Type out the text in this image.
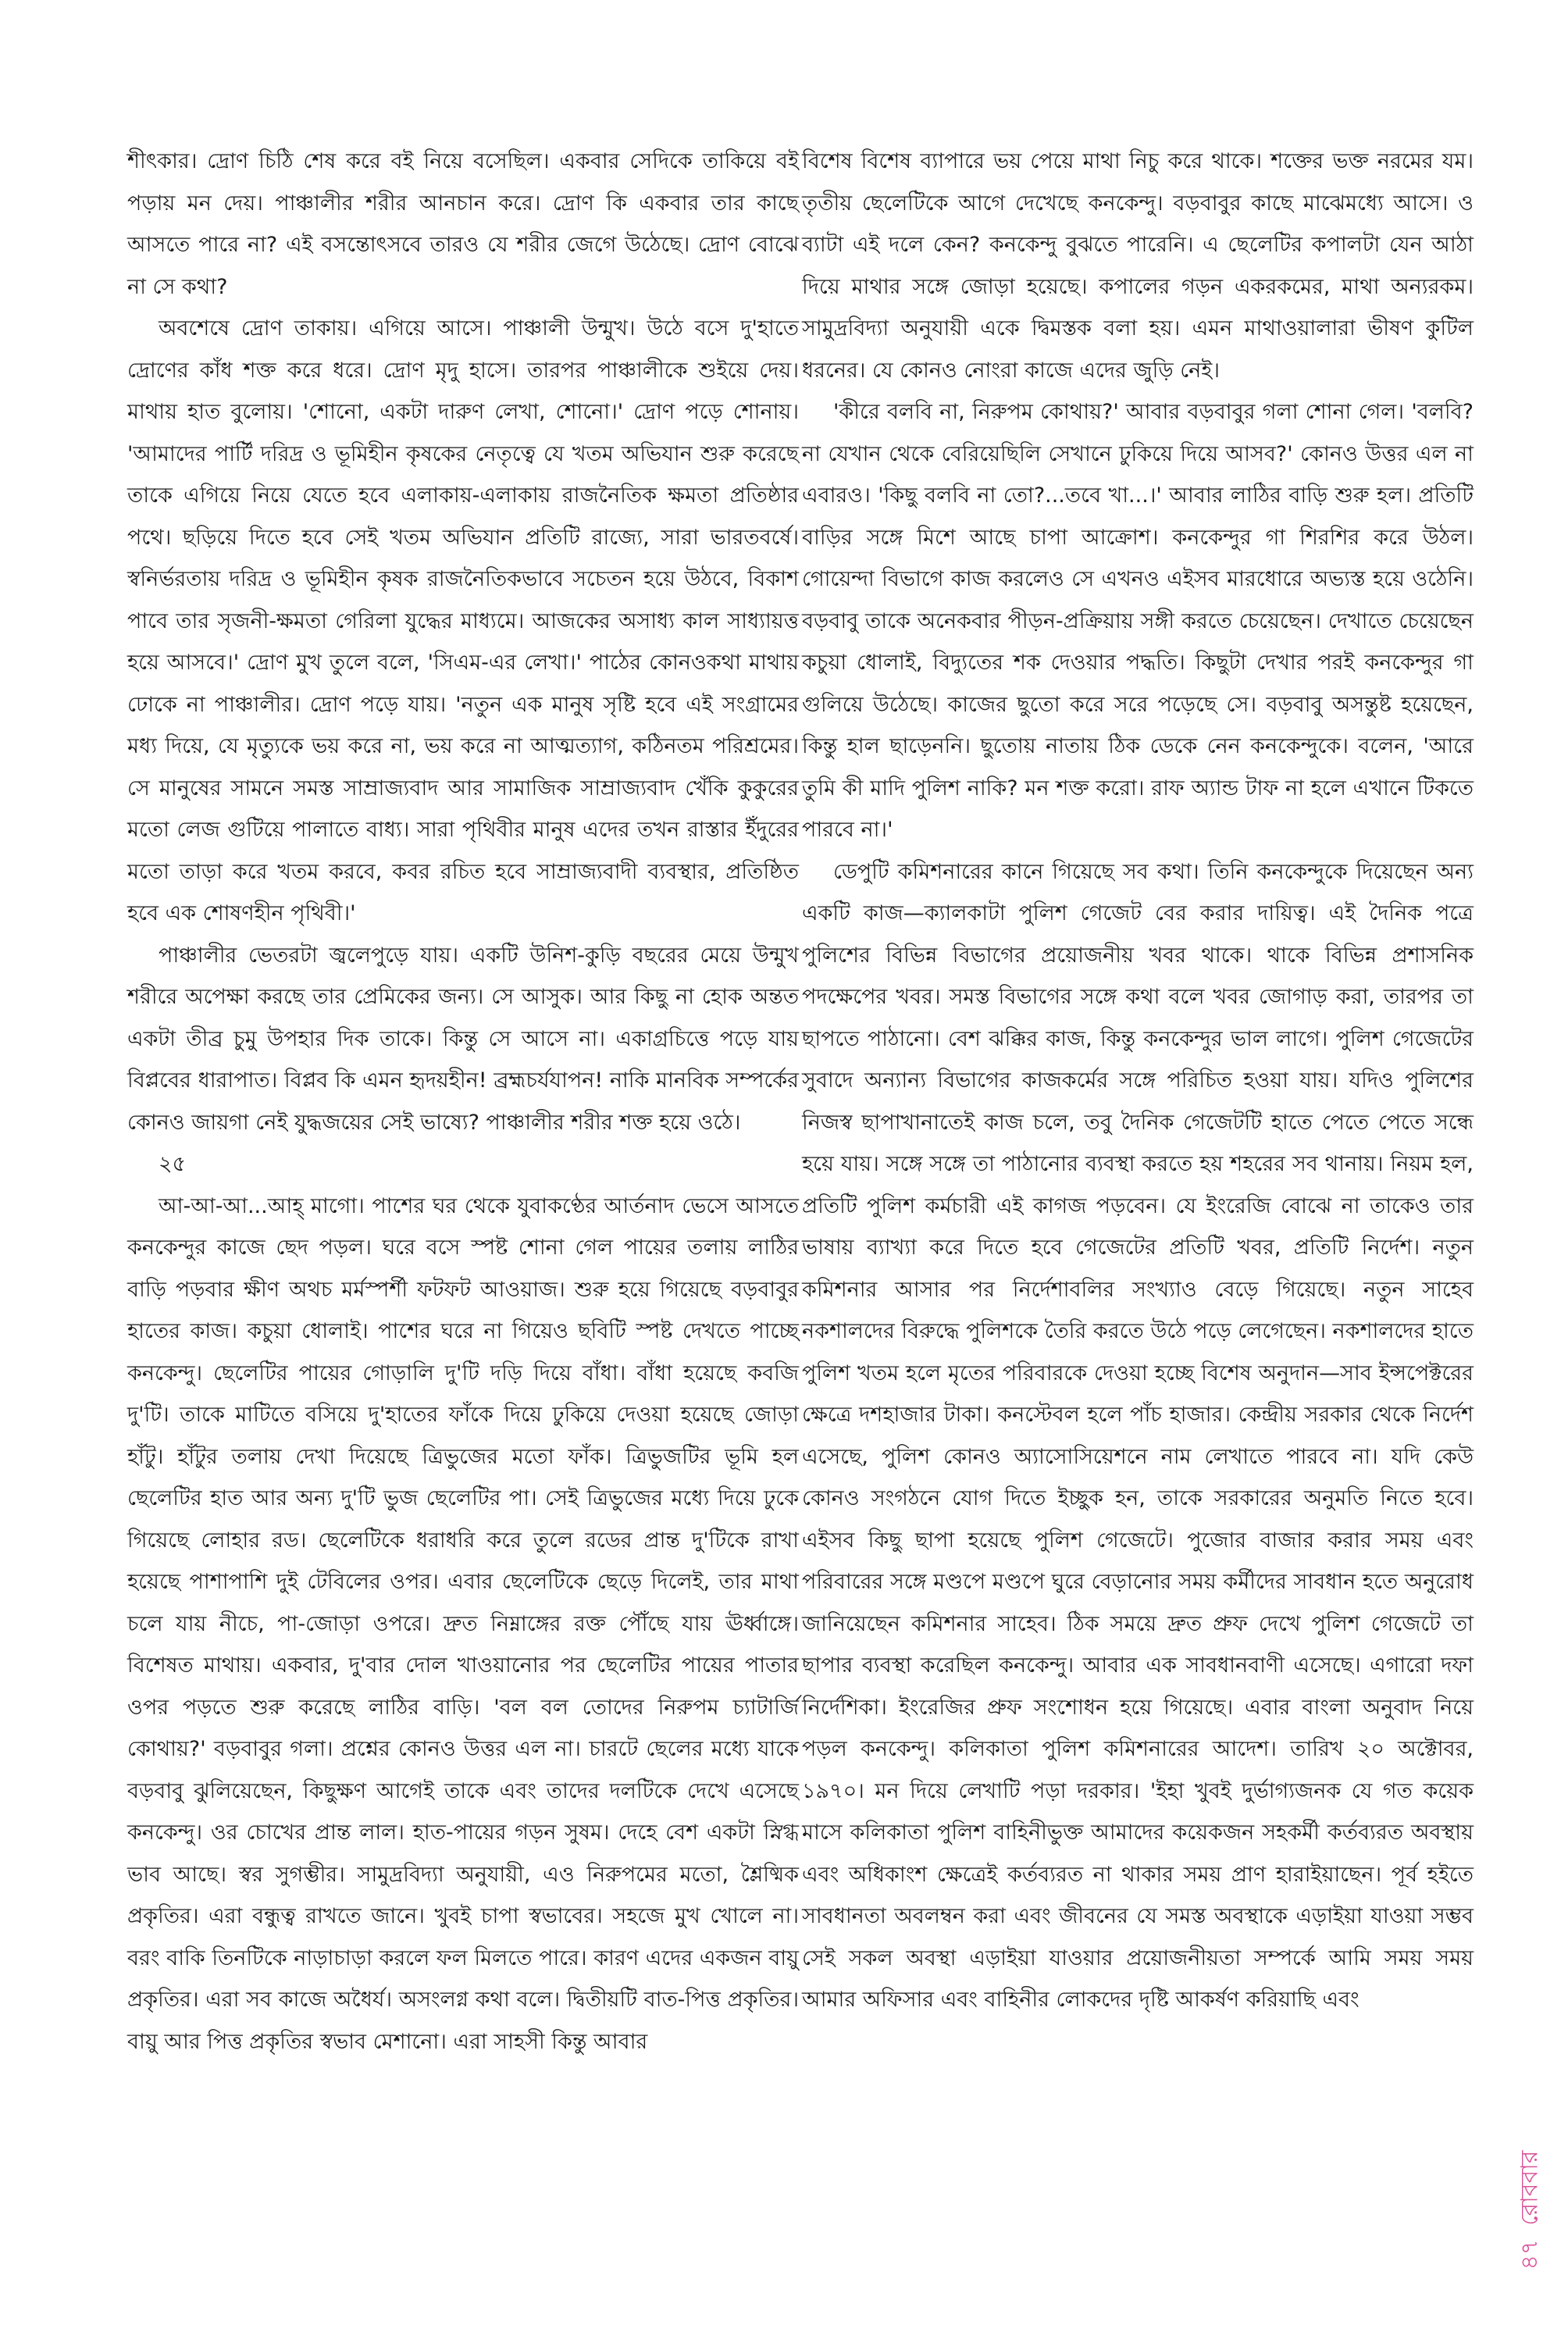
শীৎকার। দ্রোণ চিঠি শেষ করে বই নিয়ে বসেছিল। একবার সেদিকে তাকিয়ে বই পড়ায় মন দেয়। পাঞ্চালীর শরীর আনচান করে। দ্রোণ কি একবার তার কাছে আসতে পারে না? এই বসন্তোৎসবে তারও যে শরীর জেগে উঠেছে। দ্রোণ বোঝে না সে কথা?

অবশেষে দ্রোণ তাকায়। এগিয়ে আসে। পাঞ্চালী উন্মুখ। উঠে বসে দু'হাতে দ্রোণের কাঁধ শক্ত করে ধরে। দ্রোণ মৃদু হাসে। তারপর পাঞ্চালীকে শুইয়ে দেয়। মাথায় হাত বুলোয়। 'শোনো, একটা দারুণ লেখা, শোনো।' দ্রোণ পড়ে শোনায়। 'আমাদের পার্টি দরিদ্র ও ভূমিহীন কৃষকের নেতৃত্বে যে খতম অভিযান শুরু করেছে তাকে এগিয়ে নিয়ে যেতে হবে এলাকায়-এলাকায় রাজনৈতিক ক্ষমতা প্রতিষ্ঠার পথে। ছড়িয়ে দিতে হবে সেই খতম অভিযান প্রতিটি রাজ্যে, সারা ভারতবর্ষে। স্বনির্ভরতায় দরিদ্র ও ভূমিহীন কৃষক রাজনৈতিকভাবে সচেতন হয়ে উঠবে, বিকাশ পাবে তার সৃজনী-ক্ষমতা গেরিলা যুদ্ধের মাধ্যমে। আজকের অসাধ্য কাল সাধ্যায়ত্ত হয়ে আসবে।' দ্রোণ মুখ তুলে বলে, 'সিএম-এর লেখা।' পাঠের কোনওকথা মাথায় ঢোকে না পাঞ্চালীর। দ্রোণ পড়ে যায়। 'নতুন এক মানুষ সৃষ্টি হবে এই সংগ্রামের মধ্য দিয়ে, যে মৃত্যুকে ভয় করে না, ভয় করে না আত্মত্যাগ, কঠিনতম পরিশ্রমের। সে মানুষের সামনে সমস্ত সাম্রাজ্যবাদ আর সামাজিক সাম্রাজ্যবাদ খেঁকি কুকুরের মতো লেজ গুটিয়ে পালাতে বাধ্য। সারা পৃথিবীর মানুষ এদের তখন রাস্তার ইঁদুরের মতো তাড়া করে খতম করবে, কবর রচিত হবে সাম্রাজ্যবাদী ব্যবস্থার, প্রতিষ্ঠিত হবে এক শোষণহীন পৃথিবী।'

পাঞ্চালীর ভেতরটা জ্বলেপুড়ে যায়। একটি উনিশ-কুড়ি বছরের মেয়ে উন্মুখ শরীরে অপেক্ষা করছে তার প্রেমিকের জন্য। সে আসুক। আর কিছু না হোক অন্তত একটা তীব্র চুমু উপহার দিক তাকে। কিন্তু সে আসে না। একাগ্রচিত্তে পড়ে যায় বিপ্লবের ধারাপাত। বিপ্লব কি এমন হৃদয়হীন! ব্রহ্মচর্যযাপন! নাকি মানবিক সম্পর্কের কোনও জায়গা নেই যুদ্ধজয়ের সেই ভাষ্যে? পাঞ্চালীর শরীর শক্ত হয়ে ওঠে।

২৫

আ-আ-আ...আহ্ মাগো। পাশের ঘর থেকে যুবাকণ্ঠের আর্তনাদ ভেসে আসতে কনকেন্দুর কাজে ছেদ পড়ল। ঘরে বসে স্পষ্ট শোনা গেল পায়ের তলায় লাঠির বাড়ি পড়বার ক্ষীণ অথচ মর্মস্পর্শী ফটফট আওয়াজ। শুরু হয়ে গিয়েছে বড়বাবুর হাতের কাজ। কচুয়া ধোলাই। পাশের ঘরে না গিয়েও ছবিটি স্পষ্ট দেখতে পাচ্ছে কনকেন্দু। ছেলেটির পায়ের গোড়ালি দু'টি দড়ি দিয়ে বাঁধা। বাঁধা হয়েছে কবজি দু'টি। তাকে মাটিতে বসিয়ে দু'হাতের ফাঁকে দিয়ে ঢুকিয়ে দেওয়া হয়েছে জোড়া হাঁটু। হাঁটুর তলায় দেখা দিয়েছে ত্রিভুজের মতো ফাঁক। ত্রিভুজটির ভূমি হল ছেলেটির হাত আর অন্য দু'টি ভুজ ছেলেটির পা। সেই ত্রিভুজের মধ্যে দিয়ে ঢুকে গিয়েছে লোহার রড। ছেলেটিকে ধরাধরি করে তুলে রডের প্রান্ত দু'টিকে রাখা হয়েছে পাশাপাশি দুই টেবিলের ওপর। এবার ছেলেটিকে ছেড়ে দিলেই, তার মাথা চলে যায় নীচে, পা-জোড়া ওপরে। দ্রুত নিম্নাঙ্গের রক্ত পৌঁছে যায় ঊর্ধ্বাঙ্গে। বিশেষত মাথায়। একবার, দু'বার দোল খাওয়ানোর পর ছেলেটির পায়ের পাতার ওপর পড়তে শুরু করেছে লাঠির বাড়ি। 'বল বল তোদের নিরুপম চ্যাটার্জি কোথায়?' বড়বাবুর গলা। প্রশ্নের কোনও উত্তর এল না। চারটে ছেলের মধ্যে যাকে বড়বাবু ঝুলিয়েছেন, কিছুক্ষণ আগেই তাকে এবং তাদের দলটিকে দেখে এসেছে কনকেন্দু। ওর চোখের প্রান্ত লাল। হাত-পায়ের গড়ন সুষম। দেহে বেশ একটা স্নিগ্ধ ভাব আছে। স্বর সুগম্ভীর। সামুদ্রবিদ্যা অনুযায়ী, এও নিরুপমের মতো, শ্লৈষ্মিক প্রকৃতির। এরা বন্ধুত্ব রাখতে জানে। খুবই চাপা স্বভাবের। সহজে মুখ খোলে না। বরং বাকি তিনটিকে নাড়াচাড়া করলে ফল মিলতে পারে। কারণ এদের একজন বায়ু প্রকৃতির। এরা সব কাজে অধৈর্য। অসংলগ্ন কথা বলে। দ্বিতীয়টি বাত-পিত্ত প্রকৃতির। বায়ু আর পিত্ত প্রকৃতির স্বভাব মেশানো। এরা সাহসী কিন্তু আবার

বিশেষ বিশেষ ব্যাপারে ভয় পেয়ে মাথা নিচু করে থাকে। শক্তের ভক্ত নরমের যম। তৃতীয় ছেলেটিকে আগে দেখেছে কনকেন্দু। বড়বাবুর কাছে মাঝেমধ্যে আসে। ও ব্যাটা এই দলে কেন? কনকেন্দু বুঝতে পারেনি। এ ছেলেটির কপালটা যেন আঠা দিয়ে মাথার সঙ্গে জোড়া হয়েছে। কপালের গড়ন একরকমের, মাথা অন্যরকম। সামুদ্রবিদ্যা অনুযায়ী একে দ্বিমস্তক বলা হয়। এমন মাথাওয়ালারা ভীষণ কুটিল ধরনের। যে কোনও নোংরা কাজে এদের জুড়ি নেই।

'কীরে বলবি না, নিরুপম কোথায়?' আবার বড়বাবুর গলা শোনা গেল। 'বলবি? না যেখান থেকে বেরিয়েছিলি সেখানে ঢুকিয়ে দিয়ে আসব?' কোনও উত্তর এল না এবারও। 'কিছু বলবি না তো?...তবে খা...।' আবার লাঠির বাড়ি শুরু হল। প্রতিটি বাড়ির সঙ্গে মিশে আছে চাপা আক্রোশ। কনকেন্দুর গা শিরশির করে উঠল। গোয়েন্দা বিভাগে কাজ করলেও সে এখনও এইসব মারধোরে অভ্যস্ত হয়ে ওঠেনি। বড়বাবু তাকে অনেকবার পীড়ন-প্রক্রিয়ায় সঙ্গী করতে চেয়েছেন। দেখাতে চেয়েছেন কচুয়া ধোলাই, বিদ্যুতের শক দেওয়ার পদ্ধতি। কিছুটা দেখার পরই কনকেন্দুর গা গুলিয়ে উঠেছে। কাজের ছুতো করে সরে পড়েছে সে। বড়বাবু অসন্তুষ্ট হয়েছেন, কিন্তু হাল ছাড়েননি। ছুতোয় নাতায় ঠিক ডেকে নেন কনকেন্দুকে। বলেন, 'আরে তুমি কী মাদি পুলিশ নাকি? মন শক্ত করো। রাফ অ্যান্ড টাফ না হলে এখানে টিকতে পারবে না।'

ডেপুটি কমিশনারের কানে গিয়েছে সব কথা। তিনি কনকেন্দুকে দিয়েছেন অন্য একটি কাজ—ক্যালকাটা পুলিশ গেজেট বের করার দায়িত্ব। এই দৈনিক পত্রে পুলিশের বিভিন্ন বিভাগের প্রয়োজনীয় খবর থাকে। থাকে বিভিন্ন প্রশাসনিক পদক্ষেপের খবর। সমস্ত বিভাগের সঙ্গে কথা বলে খবর জোগাড় করা, তারপর তা ছাপতে পাঠানো। বেশ ঝক্কির কাজ, কিন্তু কনকেন্দুর ভাল লাগে। পুলিশ গেজেটের সুবাদে অন্যান্য বিভাগের কাজকর্মের সঙ্গে পরিচিত হওয়া যায়। যদিও পুলিশের নিজস্ব ছাপাখানাতেই কাজ চলে, তবু দৈনিক গেজেটটি হাতে পেতে পেতে সন্ধে হয়ে যায়। সঙ্গে সঙ্গে তা পাঠানোর ব্যবস্থা করতে হয় শহরের সব থানায়। নিয়ম হল, প্রতিটি পুলিশ কর্মচারী এই কাগজ পড়বেন। যে ইংরেজি বোঝে না তাকেও তার ভাষায় ব্যাখ্যা করে দিতে হবে গেজেটের প্রতিটি খবর, প্রতিটি নির্দেশ। নতুন কমিশনার আসার পর নির্দেশাবলির সংখ্যাও বেড়ে গিয়েছে। নতুন সাহেব নকশালদের বিরুদ্ধে পুলিশকে তৈরি করতে উঠে পড়ে লেগেছেন। নকশালদের হাতে পুলিশ খতম হলে মৃতের পরিবারকে দেওয়া হচ্ছে বিশেষ অনুদান—সাব ইন্সপেক্টরের ক্ষেত্রে দশহাজার টাকা। কনস্টেবল হলে পাঁচ হাজার। কেন্দ্রীয় সরকার থেকে নির্দেশ এসেছে, পুলিশ কোনও অ্যাসোসিয়েশনে নাম লেখাতে পারবে না। যদি কেউ কোনও সংগঠনে যোগ দিতে ইচ্ছুক হন, তাকে সরকারের অনুমতি নিতে হবে। এইসব কিছু ছাপা হয়েছে পুলিশ গেজেটে। পুজোর বাজার করার সময় এবং পরিবারের সঙ্গে মণ্ডপে মণ্ডপে ঘুরে বেড়ানোর সময় কর্মীদের সাবধান হতে অনুরোধ জানিয়েছেন কমিশনার সাহেব। ঠিক সময়ে দ্রুত প্রুফ দেখে পুলিশ গেজেটে তা ছাপার ব্যবস্থা করেছিল কনকেন্দু। আবার এক সাবধানবাণী এসেছে। এগারো দফা নির্দেশিকা। ইংরেজির প্রুফ সংশোধন হয়ে গিয়েছে। এবার বাংলা অনুবাদ নিয়ে পড়ল কনকেন্দু। কলিকাতা পুলিশ কমিশনারের আদেশ। তারিখ ২০ অক্টোবর, ১৯৭০। মন দিয়ে লেখাটি পড়া দরকার। 'ইহা খুবই দুর্ভাগ্যজনক যে গত কয়েক মাসে কলিকাতা পুলিশ বাহিনীভুক্ত আমাদের কয়েকজন সহকর্মী কর্তব্যরত অবস্থায় এবং অধিকাংশ ক্ষেত্রেই কর্তব্যরত না থাকার সময় প্রাণ হারাইয়াছেন। পূর্ব হইতে সাবধানতা অবলম্বন করা এবং জীবনের যে সমস্ত অবস্থাকে এড়াইয়া যাওয়া সম্ভব সেই সকল অবস্থা এড়াইয়া যাওয়ার প্রয়োজনীয়তা সম্পর্কে আমি সময় সময় আমার অফিসার এবং বাহিনীর লোকদের দৃষ্টি আকর্ষণ করিয়াছি এবং

৪৭রোববার
